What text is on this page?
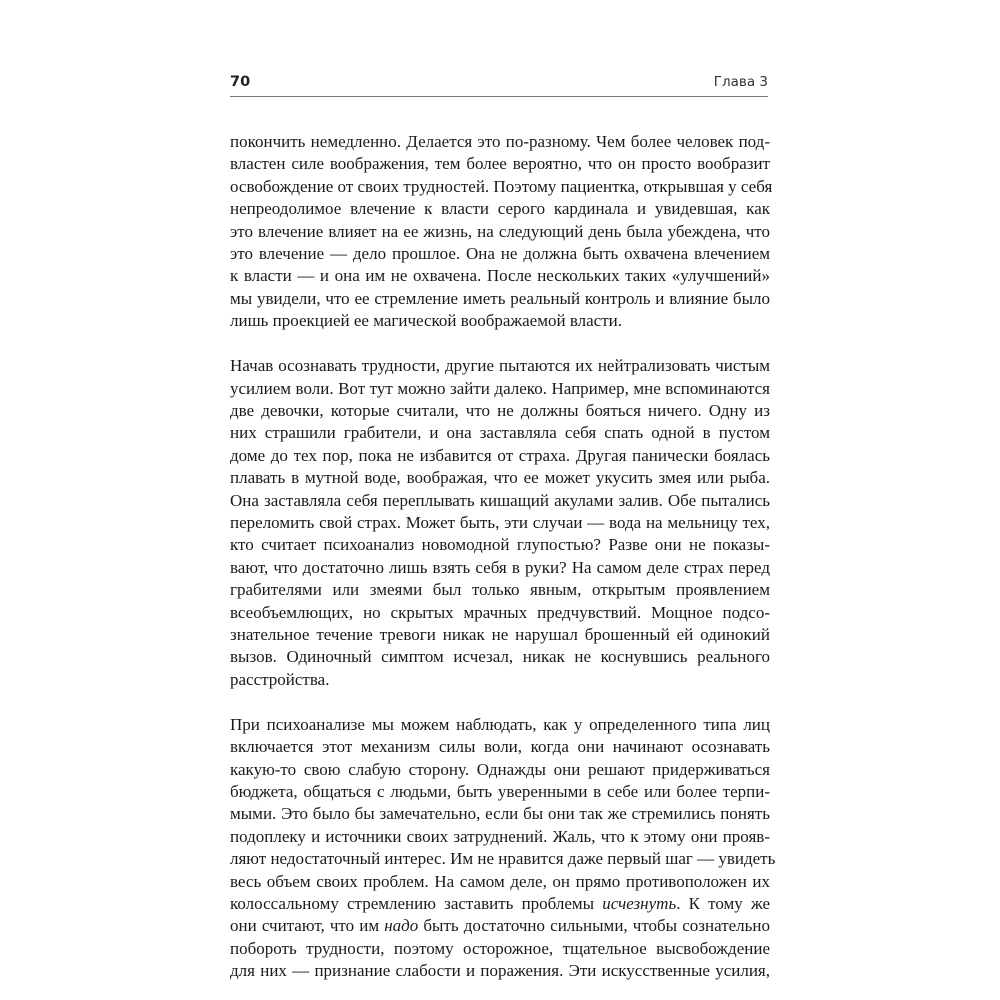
70	Глава 3

покончить немедленно. Делается это по-разному. Чем более человек под-
властен силе воображения, тем более вероятно, что он просто вообразит
освобождение от своих трудностей. Поэтому пациентка, открывшая у себя
непреодолимое влечение к власти серого кардинала и увидевшая, как
это влечение влияет на ее жизнь, на следующий день была убеждена, что
это влечение — дело прошлое. Она не должна быть охвачена влечением
к власти — и она им не охвачена. После нескольких таких «улучшений»
мы увидели, что ее стремление иметь реальный контроль и влияние было
лишь проекцией ее магической воображаемой власти.

Начав осознавать трудности, другие пытаются их нейтрализовать чистым
усилием воли. Вот тут можно зайти далеко. Например, мне вспоминаются
две девочки, которые считали, что не должны бояться ничего. Одну из
них страшили грабители, и она заставляла себя спать одной в пустом
доме до тех пор, пока не избавится от страха. Другая панически боялась
плавать в мутной воде, воображая, что ее может укусить змея или рыба.
Она заставляла себя переплывать кишащий акулами залив. Обе пытались
переломить свой страх. Может быть, эти случаи — вода на мельницу тех,
кто считает психоанализ новомодной глупостью? Разве они не показы-
вают, что достаточно лишь взять себя в руки? На самом деле страх перед
грабителями или змеями был только явным, открытым проявлением
всеобъемлющих, но скрытых мрачных предчувствий. Мощное подсо-
знательное течение тревоги никак не нарушал брошенный ей одинокий
вызов. Одиночный симптом исчезал, никак не коснувшись реального
расстройства.

При психоанализе мы можем наблюдать, как у определенного типа лиц
включается этот механизм силы воли, когда они начинают осознавать
какую-то свою слабую сторону. Однажды они решают придерживаться
бюджета, общаться с людьми, быть уверенными в себе или более терпи-
мыми. Это было бы замечательно, если бы они так же стремились понять
подоплеку и источники своих затруднений. Жаль, что к этому они прояв-
ляют недостаточный интерес. Им не нравится даже первый шаг — увидеть
весь объем своих проблем. На самом деле, он прямо противоположен их
колоссальному стремлению заставить проблемы исчезнуть. К тому же
они считают, что им надо быть достаточно сильными, чтобы сознательно
побороть трудности, поэтому осторожное, тщательное высвобождение
для них — признание слабости и поражения. Эти искусственные усилия,
